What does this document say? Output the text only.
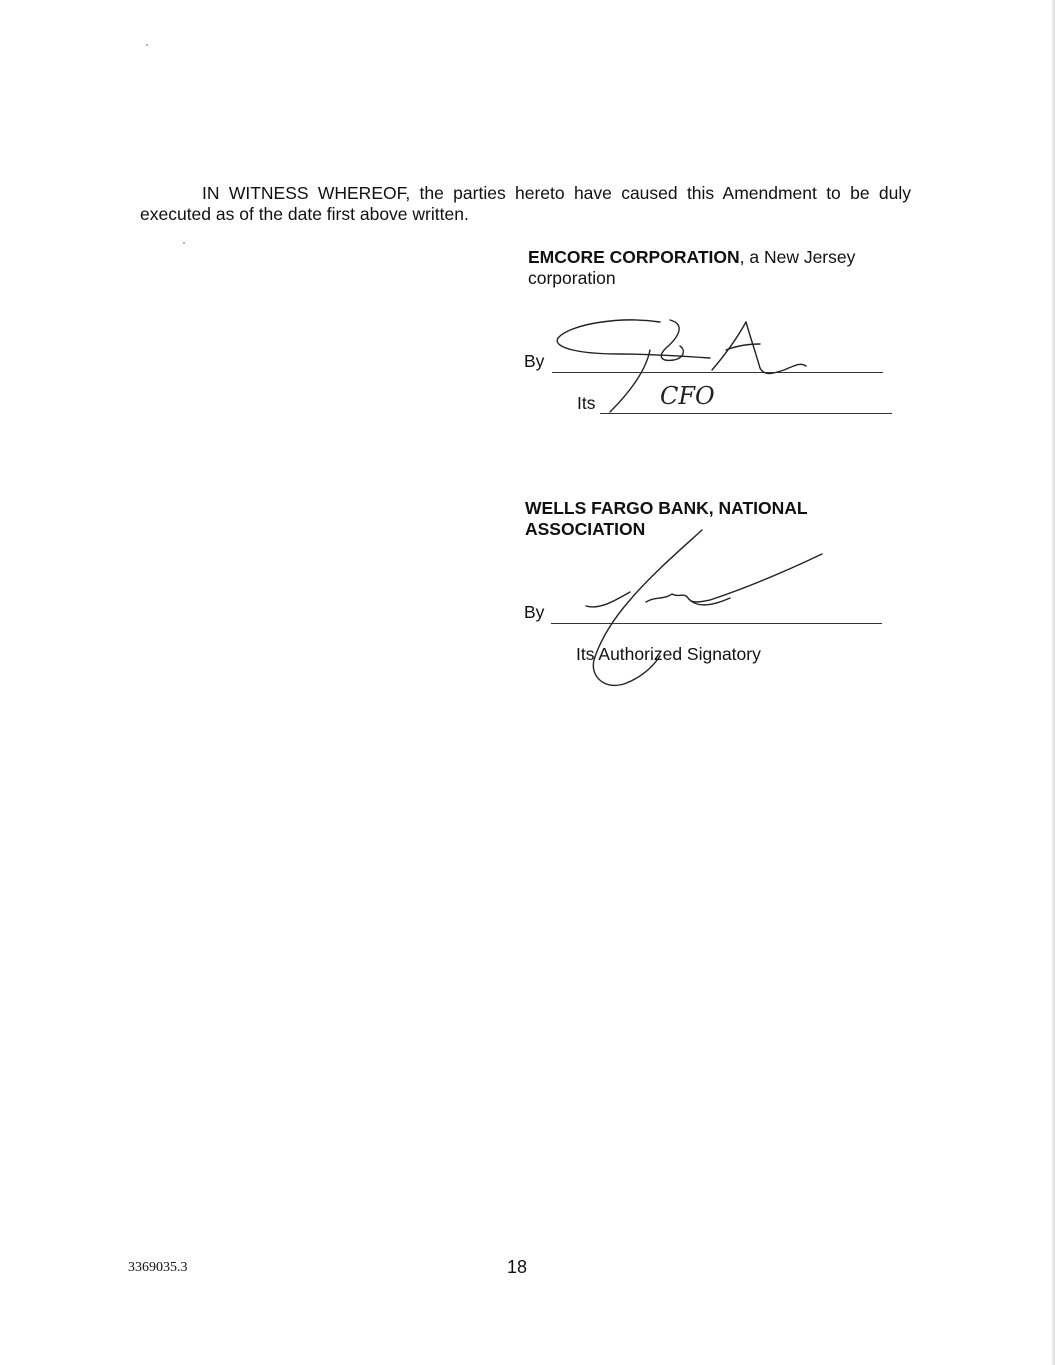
IN WITNESS WHEREOF, the parties hereto have caused this Amendment to be duly
executed as of the date first above written.
EMCORE CORPORATION, a New Jersey
corporation
By
Its	CFO
WELLS FARGO BANK, NATIONAL
ASSOCIATION
By
Its Authorized Signatory
3369035.3	18
